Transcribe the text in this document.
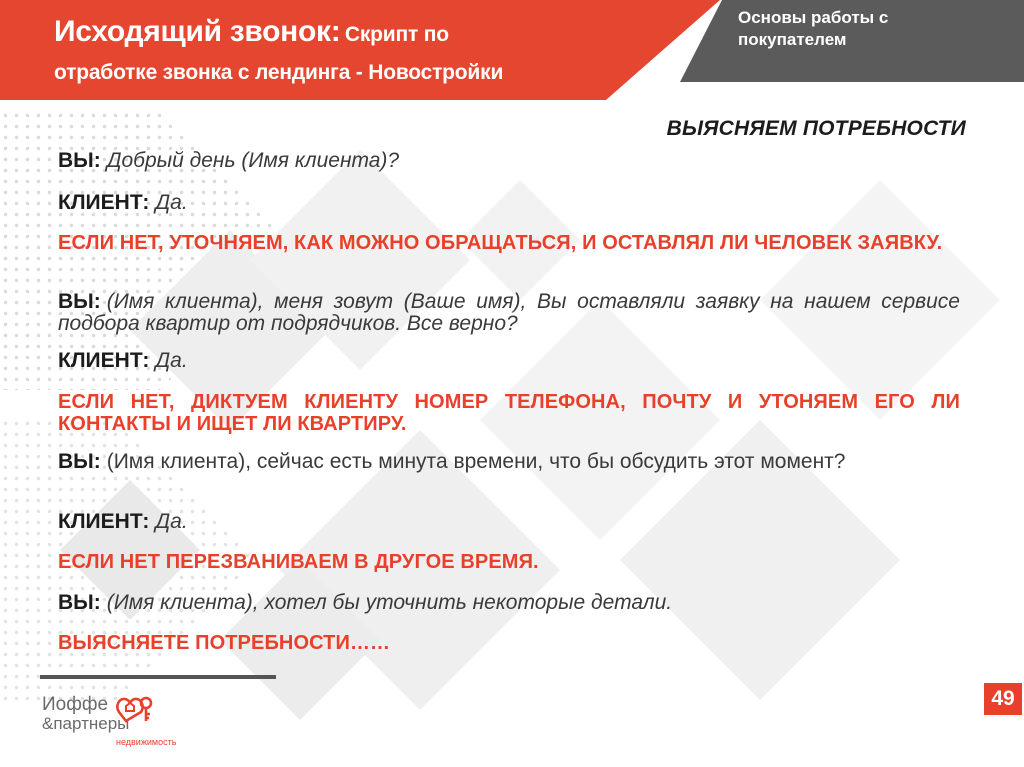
Исходящий звонок: Скрипт по
отработке звонка с лендинга - Новостройки
Основы работы с покупателем
ВЫЯСНЯЕМ ПОТРЕБНОСТИ

ВЫ: Добрый день (Имя клиента)?

КЛИЕНТ: Да.

ЕСЛИ НЕТ, УТОЧНЯЕМ, КАК МОЖНО ОБРАЩАТЬСЯ, И ОСТАВЛЯЛ ЛИ ЧЕЛОВЕК ЗАЯВКУ.

ВЫ: (Имя клиента), меня зовут (Ваше имя), Вы оставляли заявку на нашем сервисе подбора квартир от подрядчиков. Все верно?

КЛИЕНТ: Да.

ЕСЛИ НЕТ, ДИКТУЕМ КЛИЕНТУ НОМЕР ТЕЛЕФОНА, ПОЧТУ И УТОНЯЕМ ЕГО ЛИ КОНТАКТЫ И ИЩЕТ ЛИ КВАРТИРУ.

ВЫ: (Имя клиента), сейчас есть минута времени, что бы обсудить этот момент?

КЛИЕНТ: Да.

ЕСЛИ НЕТ ПЕРЕЗВАНИВАЕМ В ДРУГОЕ ВРЕМЯ.

ВЫ: (Имя клиента), хотел бы уточнить некоторые детали.

ВЫЯСНЯЕТЕ ПОТРЕБНОСТИ……

Иоффе
&партнеры
недвижимость
49
